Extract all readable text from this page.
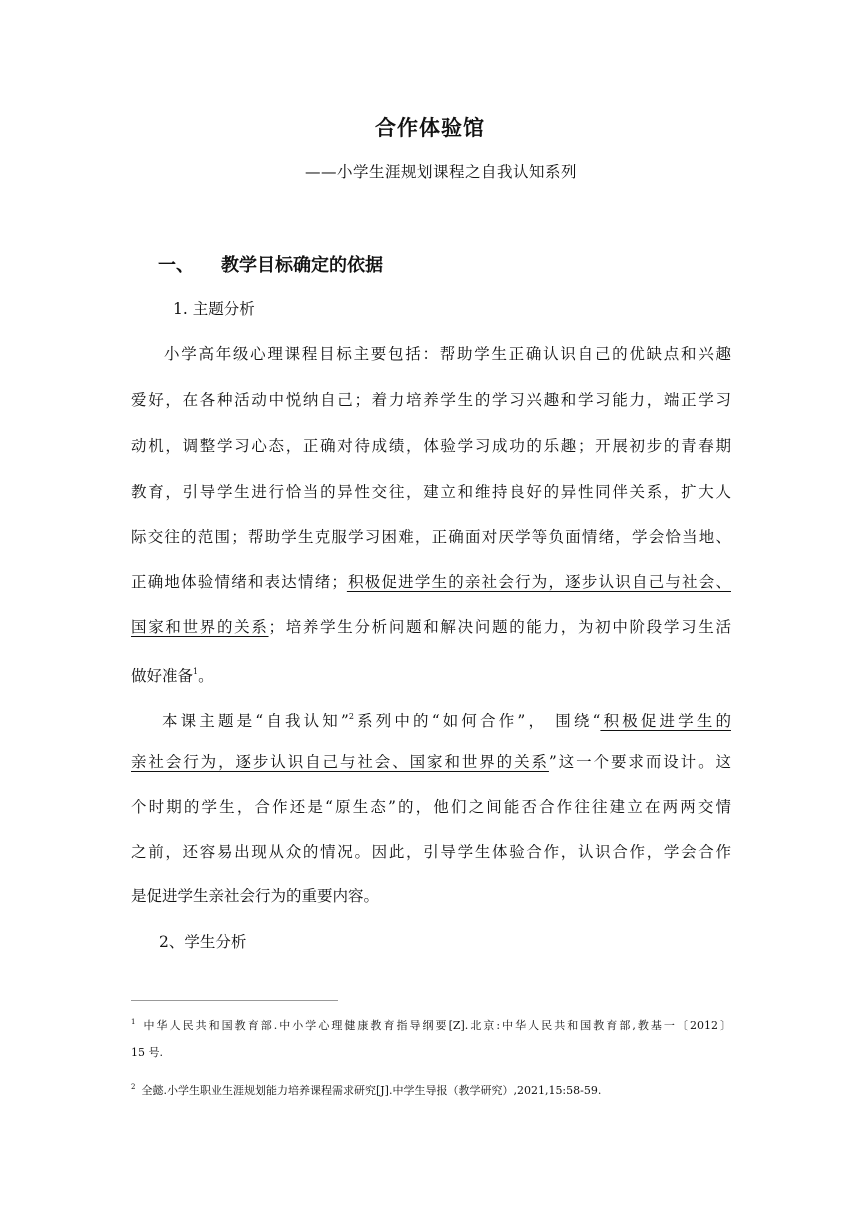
合作体验馆
——小学生涯规划课程之自我认知系列
一、 教学目标确定的依据
1. 主题分析
小学高年级心理课程目标主要包括：帮助学生正确认识自己的优缺点和兴趣
爱好，在各种活动中悦纳自己；着力培养学生的学习兴趣和学习能力，端正学习
动机，调整学习心态，正确对待成绩，体验学习成功的乐趣；开展初步的青春期
教育，引导学生进行恰当的异性交往，建立和维持良好的异性同伴关系，扩大人
际交往的范围；帮助学生克服学习困难，正确面对厌学等负面情绪，学会恰当地、
正确地体验情绪和表达情绪；积极促进学生的亲社会行为，逐步认识自己与社会、
国家和世界的关系；培养学生分析问题和解决问题的能力，为初中阶段学习生活
做好准备$^1$。
本课主题是“自我认知”$^2$系列中的“如何合作”， 围绕“积极促进学生的
亲社会行为，逐步认识自己与社会、国家和世界的关系”这一个要求而设计。这
个时期的学生，合作还是“原生态”的，他们之间能否合作往往建立在两两交情
之前，还容易出现从众的情况。因此，引导学生体验合作，认识合作，学会合作
是促进学生亲社会行为的重要内容。
2、学生分析
$^1$ 中华人民共和国教育部.中小学心理健康教育指导纲要[Z].北京:中华人民共和国教育部,教基一〔2012〕
15 号.
$^2$ 全懿.小学生职业生涯规划能力培养课程需求研究[J].中学生导报（教学研究）,2021,15:58-59.
